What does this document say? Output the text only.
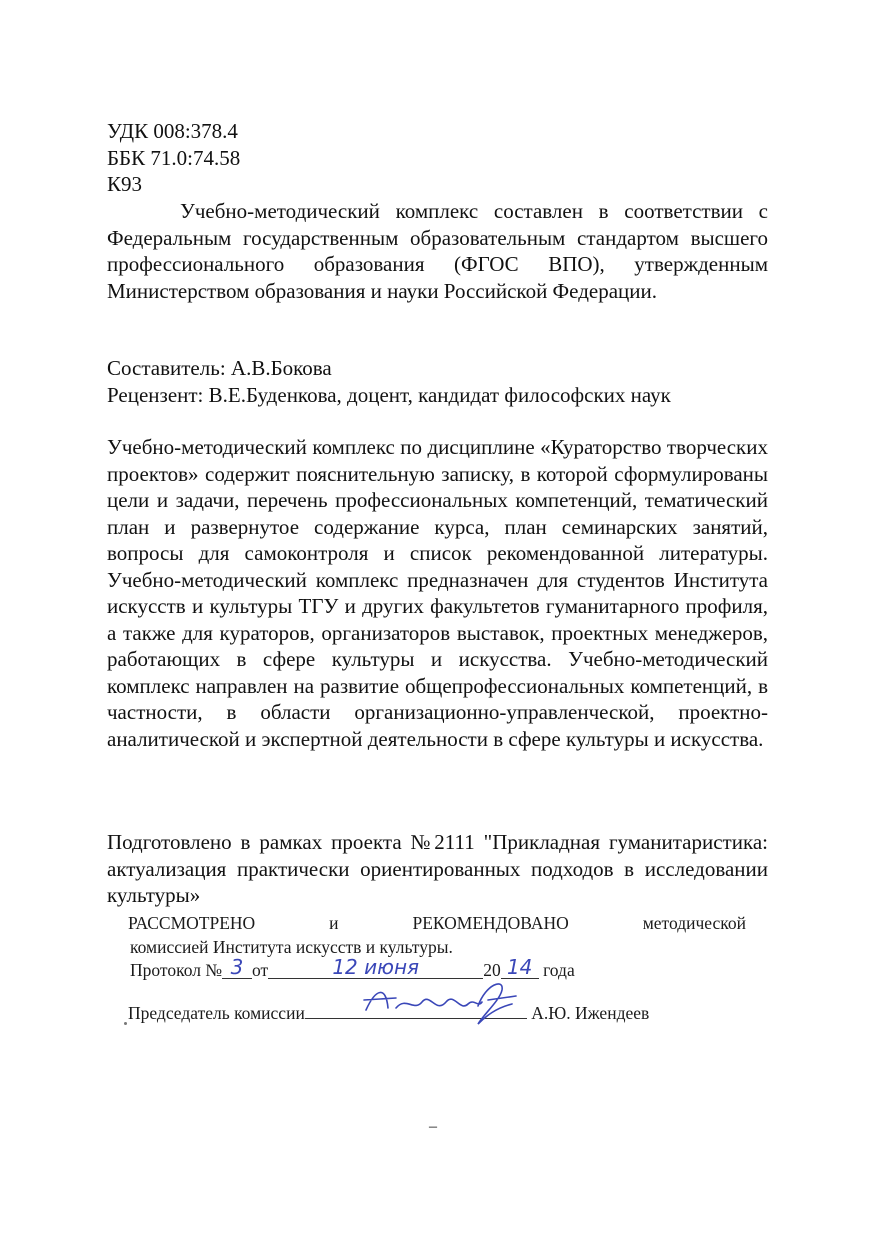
УДК 008:378.4
ББК 71.0:74.58
К93
Учебно-методический комплекс составлен в соответствии с Федеральным государственным образовательным стандартом высшего профессионального образования (ФГОС ВПО), утвержденным Министерством образования и науки Российской Федерации.
Составитель: А.В.Бокова
Рецензент: В.Е.Буденкова, доцент, кандидат философских наук
Учебно-методический комплекс по дисциплине «Кураторство творческих проектов» содержит пояснительную записку, в которой сформулированы цели и задачи, перечень профессиональных компетенций, тематический план и развернутое содержание курса, план семинарских занятий, вопросы для самоконтроля и список рекомендованной литературы. Учебно-методический комплекс предназначен для студентов Института искусств и культуры ТГУ и других факультетов гуманитарного профиля, а также для кураторов, организаторов выставок, проектных менеджеров, работающих в сфере культуры и искусства. Учебно-методический комплекс направлен на развитие общепрофессиональных компетенций, в частности, в области организационно-управленческой, проектно-аналитической и экспертной деятельности в сфере культуры и искусства.
Подготовлено в рамках проекта №2111 "Прикладная гуманитаристика: актуализация практически ориентированных подходов в исследовании культуры»
РАССМОТРЕНО	и	РЕКОМЕНДОВАНО	методической
комиссией Института искусств и культуры.
Протокол № 3 от	12 июня	20 14 года
Председатель комиссии	А.Ю. Ижендеев
–
